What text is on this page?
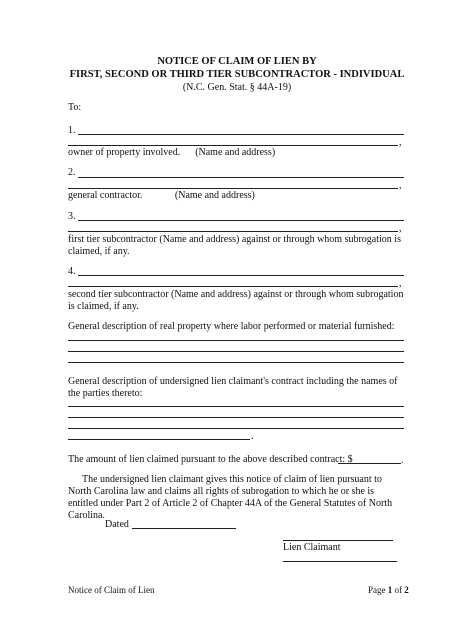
NOTICE OF CLAIM OF LIEN BY
FIRST, SECOND OR THIRD TIER SUBCONTRACTOR - INDIVIDUAL
(N.C. Gen. Stat. § 44A-19)
To:
1.
,
owner of property involved.      (Name and address)
2.
,
general contractor.             (Name and address)
3.
,
first tier subcontractor (Name and address) against or through whom subrogation is claimed, if any.
4.
,
second tier subcontractor (Name and address) against or through whom subrogation is claimed, if any.
General description of real property where labor performed or material furnished:
General description of undersigned lien claimant's contract including the names of the parties thereto:
.
The amount of lien claimed pursuant to the above described contract: $	.
The undersigned lien claimant gives this notice of claim of lien pursuant to North Carolina law and claims all rights of subrogation to which he or she is entitled under Part 2 of Article 2 of Chapter 44A of the General Statutes of North Carolina.
Dated
Lien Claimant
Notice of Claim of Lien	Page 1 of 2
